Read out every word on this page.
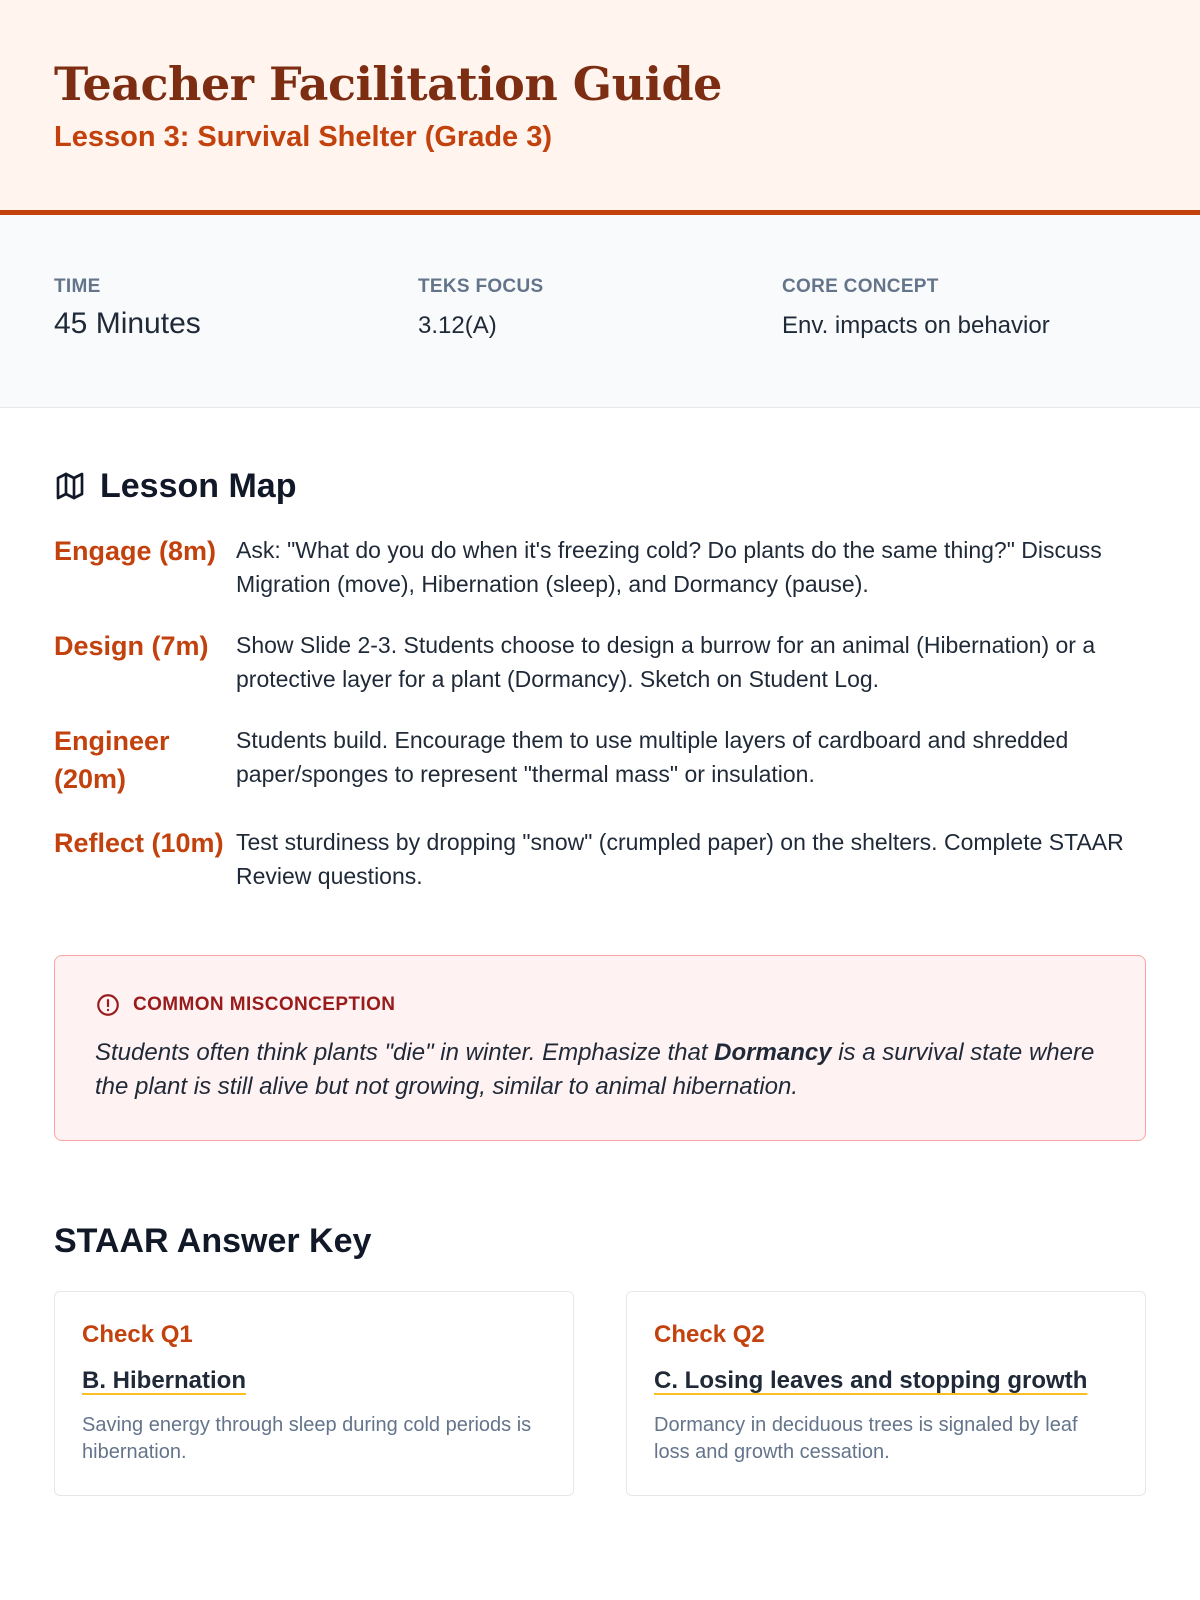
Teacher Facilitation Guide
Lesson 3: Survival Shelter (Grade 3)
TIME
45 Minutes
TEKS FOCUS
3.12(A)
CORE CONCEPT
Env. impacts on behavior
Lesson Map
Engage (8m) Ask: "What do you do when it's freezing cold? Do plants do the same thing?" Discuss Migration (move), Hibernation (sleep), and Dormancy (pause).
Design (7m)	Show Slide 2-3. Students choose to design a burrow for an animal (Hibernation) or a protective layer for a plant (Dormancy). Sketch on Student Log.
Engineer (20m)
Students build. Encourage them to use multiple layers of cardboard and shredded paper/sponges to represent "thermal mass" or insulation.
Reflect (10m) Test sturdiness by dropping "snow" (crumpled paper) on the shelters. Complete STAAR Review questions.
COMMON MISCONCEPTION
Students often think plants "die" in winter. Emphasize that Dormancy is a survival state where the plant is still alive but not growing, similar to animal hibernation.
STAAR Answer Key
Check Q1
B. Hibernation
Saving energy through sleep during cold periods is hibernation.
Check Q2
C. Losing leaves and stopping growth
Dormancy in deciduous trees is signaled by leaf loss and growth cessation.
